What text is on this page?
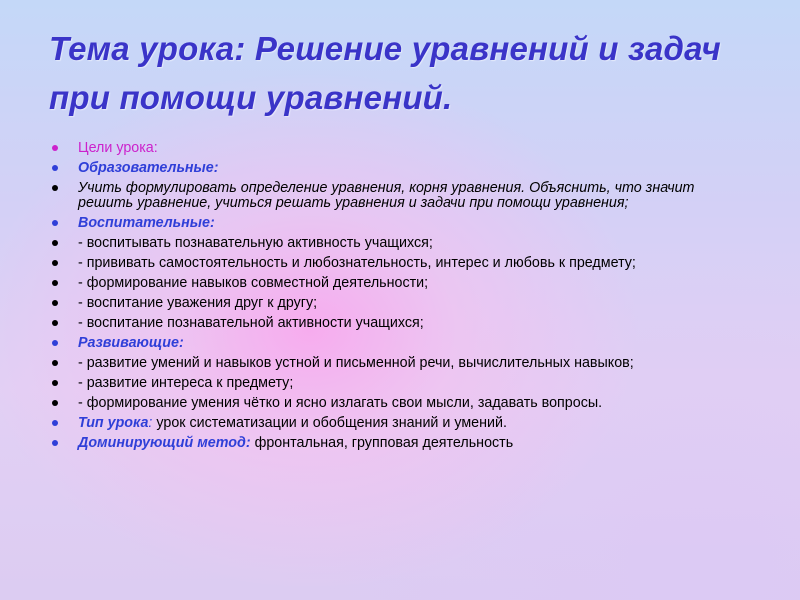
Тема урока: Решение уравнений и задач при помощи уравнений.
Цели урока:
Образовательные:
Учить формулировать определение уравнения, корня уравнения. Объяснить, что значит решить уравнение, учиться решать уравнения и задачи при помощи уравнения;
Воспитательные:
- воспитывать познавательную активность учащихся;
- прививать самостоятельность и любознательность, интерес и любовь к предмету;
- формирование навыков совместной деятельности;
- воспитание уважения друг к другу;
- воспитание познавательной активности учащихся;
Развивающие:
- развитие умений и навыков устной и письменной речи, вычислительных навыков;
- развитие интереса к предмету;
- формирование умения чётко и ясно излагать свои мысли, задавать вопросы.
Тип урока: урок систематизации и обобщения знаний и умений.
Доминирующий метод: фронтальная, групповая деятельность
